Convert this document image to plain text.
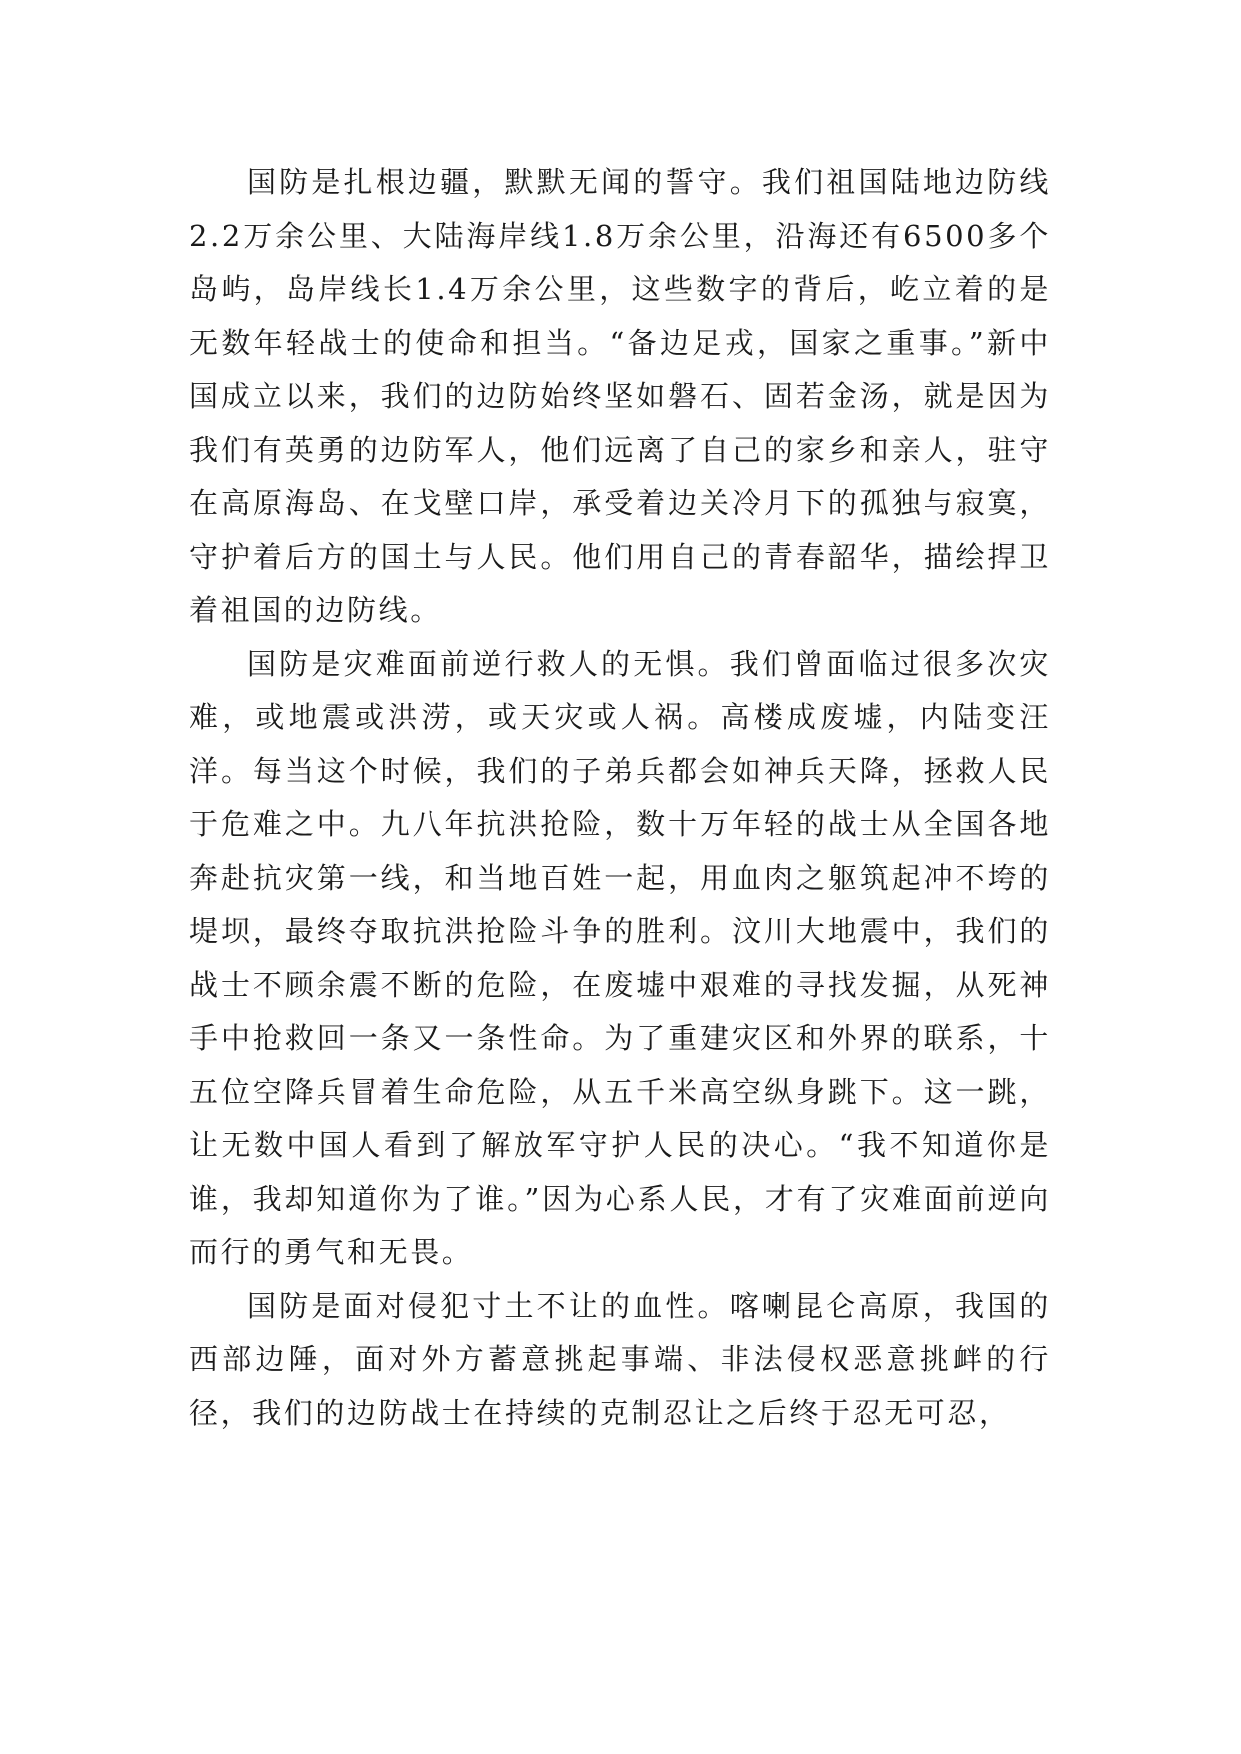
国防是扎根边疆，默默无闻的誓守。我们祖国陆地边防线2.2万余公里、大陆海岸线1.8万余公里，沿海还有6500多个岛屿，岛岸线长1.4万余公里，这些数字的背后，屹立着的是无数年轻战士的使命和担当。“备边足戎，国家之重事。”新中国成立以来，我们的边防始终坚如磐石、固若金汤，就是因为我们有英勇的边防军人，他们远离了自己的家乡和亲人，驻守在高原海岛、在戈壁口岸，承受着边关冷月下的孤独与寂寞，守护着后方的国土与人民。他们用自己的青春韶华，描绘捍卫着祖国的边防线。

国防是灾难面前逆行救人的无惧。我们曾面临过很多次灾难，或地震或洪涝，或天灾或人祸。高楼成废墟，内陆变汪洋。每当这个时候，我们的子弟兵都会如神兵天降，拯救人民于危难之中。九八年抗洪抢险，数十万年轻的战士从全国各地奔赴抗灾第一线，和当地百姓一起，用血肉之躯筑起冲不垮的堤坝，最终夺取抗洪抢险斗争的胜利。汶川大地震中，我们的战士不顾余震不断的危险，在废墟中艰难的寻找发掘，从死神手中抢救回一条又一条性命。为了重建灾区和外界的联系，十五位空降兵冒着生命危险，从五千米高空纵身跳下。这一跳，让无数中国人看到了解放军守护人民的决心。“我不知道你是谁，我却知道你为了谁。”因为心系人民，才有了灾难面前逆向而行的勇气和无畏。

国防是面对侵犯寸土不让的血性。喀喇昆仑高原，我国的西部边陲，面对外方蓄意挑起事端、非法侵权恶意挑衅的行径，我们的边防战士在持续的克制忍让之后终于忍无可忍，
